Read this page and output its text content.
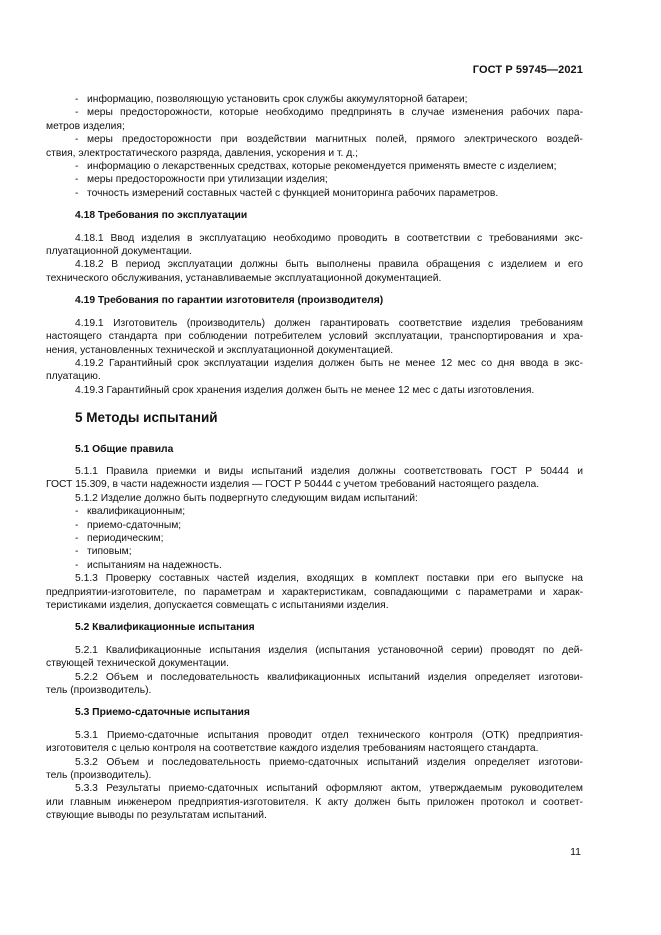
ГОСТ Р 59745—2021
- информацию, позволяющую установить срок службы аккумуляторной батареи;
- меры предосторожности, которые необходимо предпринять в случае изменения рабочих пара-
метров изделия;
- меры предосторожности при воздействии магнитных полей, прямого электрического воздей-
ствия, электростатического разряда, давления, ускорения и т. д.;
- информацию о лекарственных средствах, которые рекомендуется применять вместе с изделием;
- меры предосторожности при утилизации изделия;
- точность измерений составных частей с функцией мониторинга рабочих параметров.
4.18 Требования по эксплуатации
4.18.1 Ввод изделия в эксплуатацию необходимо проводить в соответствии с требованиями экс-
плуатационной документации.
4.18.2 В период эксплуатации должны быть выполнены правила обращения с изделием и его
технического обслуживания, устанавливаемые эксплуатационной документацией.
4.19 Требования по гарантии изготовителя (производителя)
4.19.1 Изготовитель (производитель) должен гарантировать соответствие изделия требованиям
настоящего стандарта при соблюдении потребителем условий эксплуатации, транспортирования и хра-
нения, установленных технической и эксплуатационной документацией.
4.19.2 Гарантийный срок эксплуатации изделия должен быть не менее 12 мес со дня ввода в экс-
плуатацию.
4.19.3 Гарантийный срок хранения изделия должен быть не менее 12 мес с даты изготовления.
5 Методы испытаний
5.1 Общие правила
5.1.1 Правила приемки и виды испытаний изделия должны соответствовать ГОСТ Р 50444 и
ГОСТ 15.309, в части надежности изделия — ГОСТ Р 50444 с учетом требований настоящего раздела.
5.1.2 Изделие должно быть подвергнуто следующим видам испытаний:
- квалификационным;
- приемо-сдаточным;
- периодическим;
- типовым;
- испытаниям на надежность.
5.1.3 Проверку составных частей изделия, входящих в комплект поставки при его выпуске на
предприятии-изготовителе, по параметрам и характеристикам, совпадающими с параметрами и харак-
теристиками изделия, допускается совмещать с испытаниями изделия.
5.2 Квалификационные испытания
5.2.1 Квалификационные испытания изделия (испытания установочной серии) проводят по дей-
ствующей технической документации.
5.2.2 Объем и последовательность квалификационных испытаний изделия определяет изготови-
тель (производитель).
5.3 Приемо-сдаточные испытания
5.3.1 Приемо-сдаточные испытания проводит отдел технического контроля (ОТК) предприятия-
изготовителя с целью контроля на соответствие каждого изделия требованиям настоящего стандарта.
5.3.2 Объем и последовательность приемо-сдаточных испытаний изделия определяет изготови-
тель (производитель).
5.3.3 Результаты приемо-сдаточных испытаний оформляют актом, утверждаемым руководителем
или главным инженером предприятия-изготовителя. К акту должен быть приложен протокол и соответ-
ствующие выводы по результатам испытаний.
11
